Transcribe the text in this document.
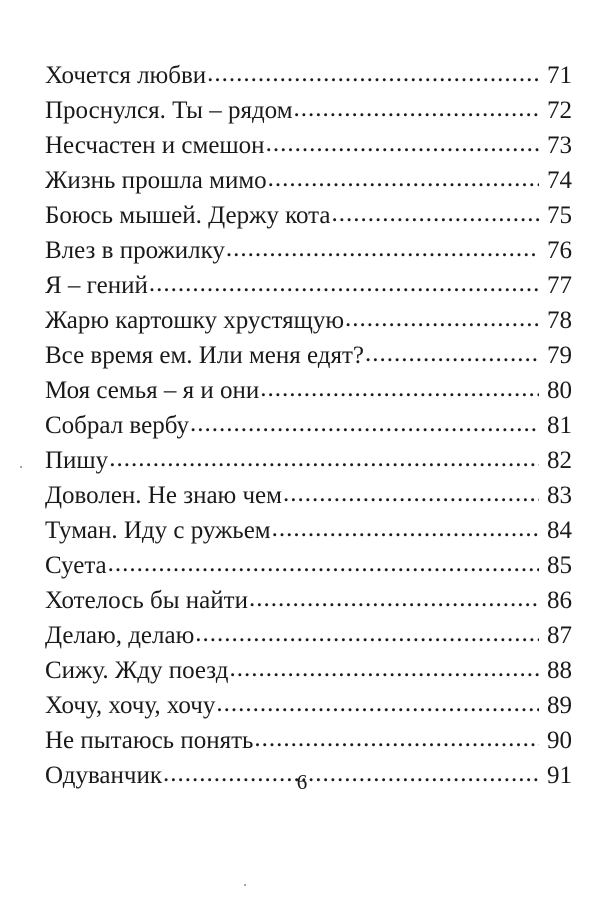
Хочется любви .....	71
Проснулся. Ты – рядом .....	72
Несчастен и смешон .....	73
Жизнь прошла мимо .....	74
Боюсь мышей. Держу кота .....	75
Влез в прожилку .....	76
Я – гений .....	77
Жарю картошку хрустящую .....	78
Все время ем. Или меня едят? .....	79
Моя семья – я и они .....	80
Собрал вербу .....	81
Пишу .....	82
Доволен. Не знаю чем .....	83
Туман. Иду с ружьем .....	84
Суета .....	85
Хотелось бы найти .....	86
Делаю, делаю .....	87
Сижу. Жду поезд .....	88
Хочу, хочу, хочу .....	89
Не пытаюсь понять .....	90
Одуванчик .....	91
6
